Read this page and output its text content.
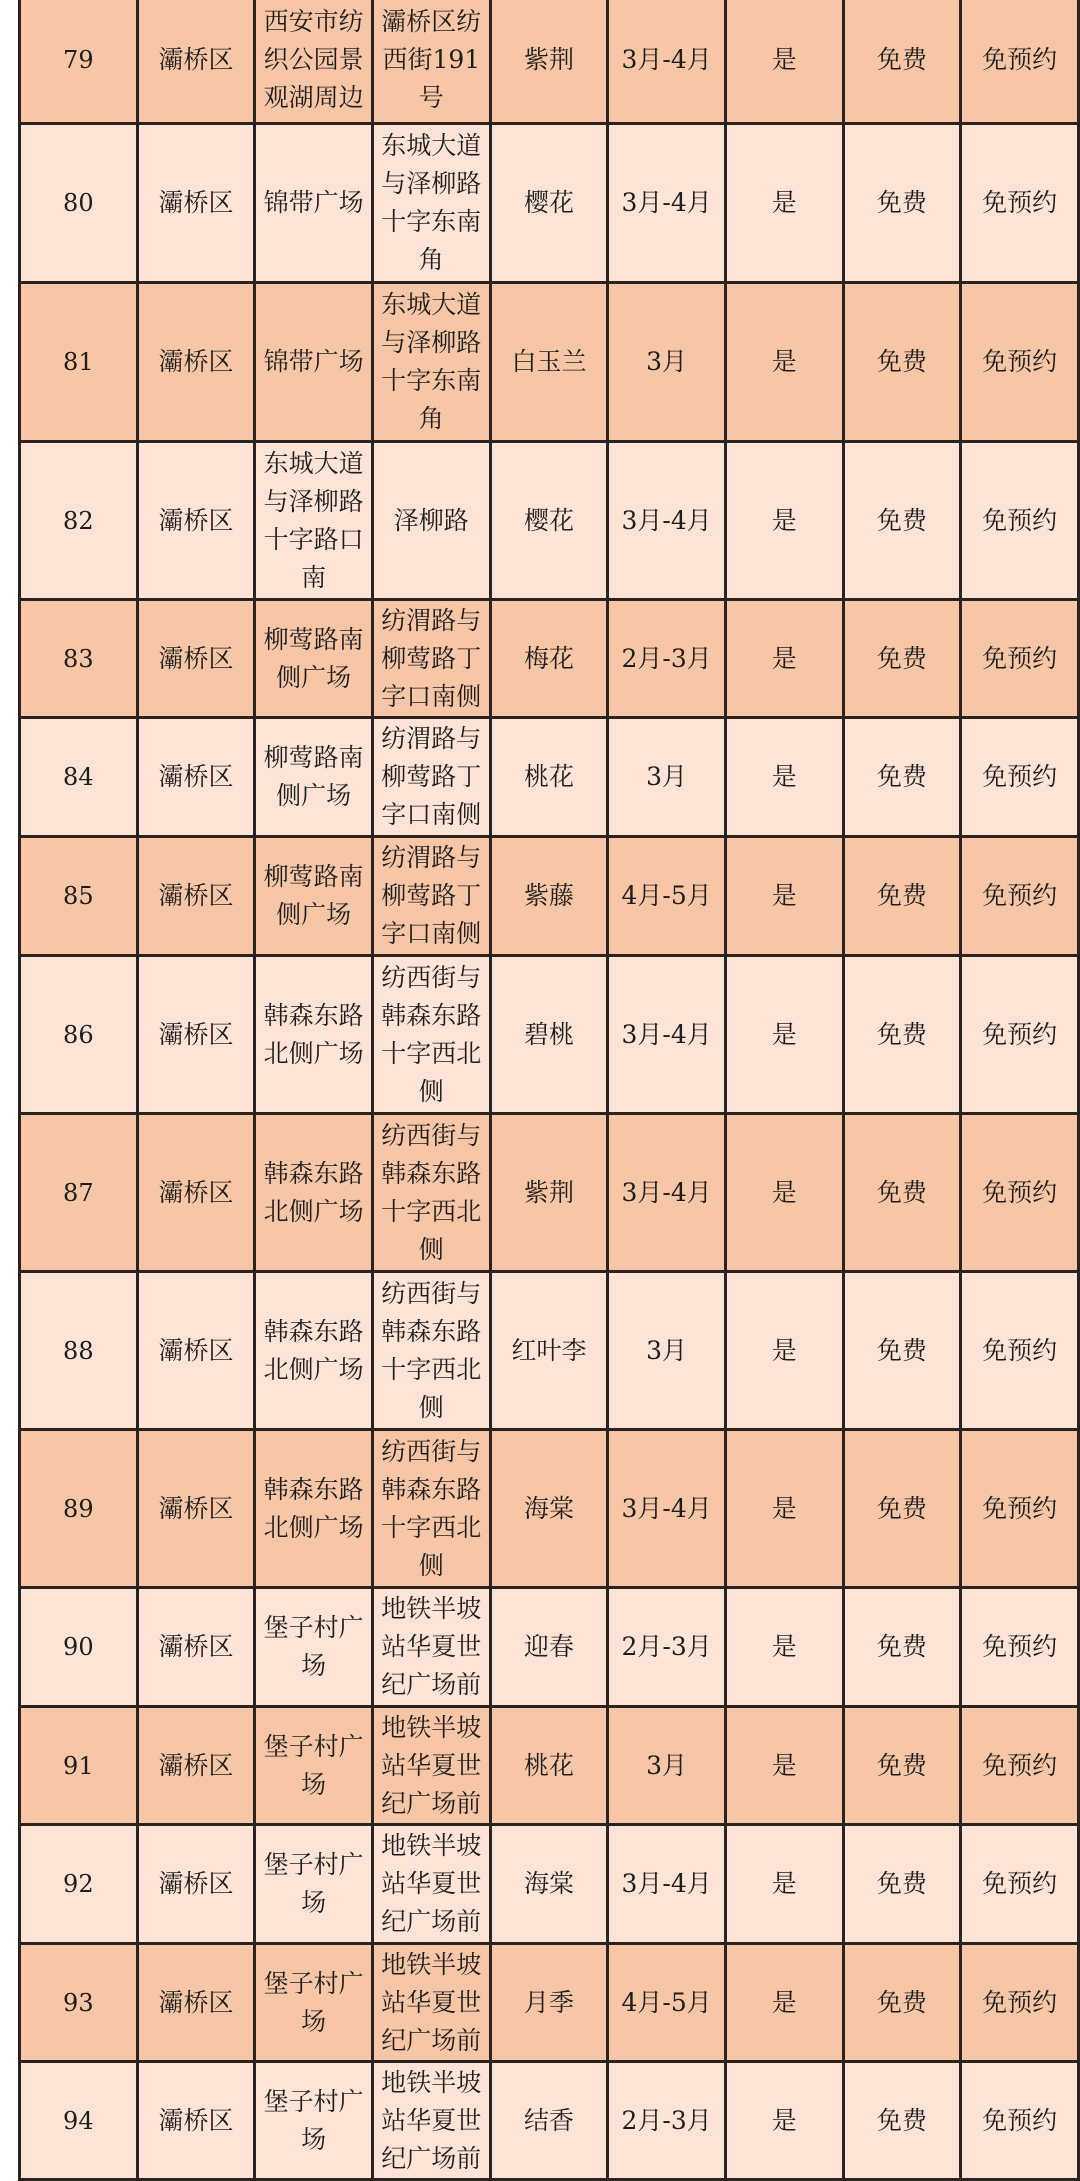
79	灞桥区	西安市纺织公园景观湖周边	灞桥区纺西街191号	紫荆	3月-4月	是	免费	免预约
80	灞桥区	锦带广场	东城大道与泽柳路十字东南角	樱花	3月-4月	是	免费	免预约
81	灞桥区	锦带广场	东城大道与泽柳路十字东南角	白玉兰	3月	是	免费	免预约
82	灞桥区	东城大道与泽柳路十字路口南	泽柳路	樱花	3月-4月	是	免费	免预约
83	灞桥区	柳莺路南侧广场	纺渭路与柳莺路丁字口南侧	梅花	2月-3月	是	免费	免预约
84	灞桥区	柳莺路南侧广场	纺渭路与柳莺路丁字口南侧	桃花	3月	是	免费	免预约
85	灞桥区	柳莺路南侧广场	纺渭路与柳莺路丁字口南侧	紫藤	4月-5月	是	免费	免预约
86	灞桥区	韩森东路北侧广场	纺西街与韩森东路十字西北侧	碧桃	3月-4月	是	免费	免预约
87	灞桥区	韩森东路北侧广场	纺西街与韩森东路十字西北侧	紫荆	3月-4月	是	免费	免预约
88	灞桥区	韩森东路北侧广场	纺西街与韩森东路十字西北侧	红叶李	3月	是	免费	免预约
89	灞桥区	韩森东路北侧广场	纺西街与韩森东路十字西北侧	海棠	3月-4月	是	免费	免预约
90	灞桥区	堡子村广场	地铁半坡站华夏世纪广场前	迎春	2月-3月	是	免费	免预约
91	灞桥区	堡子村广场	地铁半坡站华夏世纪广场前	桃花	3月	是	免费	免预约
92	灞桥区	堡子村广场	地铁半坡站华夏世纪广场前	海棠	3月-4月	是	免费	免预约
93	灞桥区	堡子村广场	地铁半坡站华夏世纪广场前	月季	4月-5月	是	免费	免预约
94	灞桥区	堡子村广场	地铁半坡站华夏世纪广场前	结香	2月-3月	是	免费	免预约
